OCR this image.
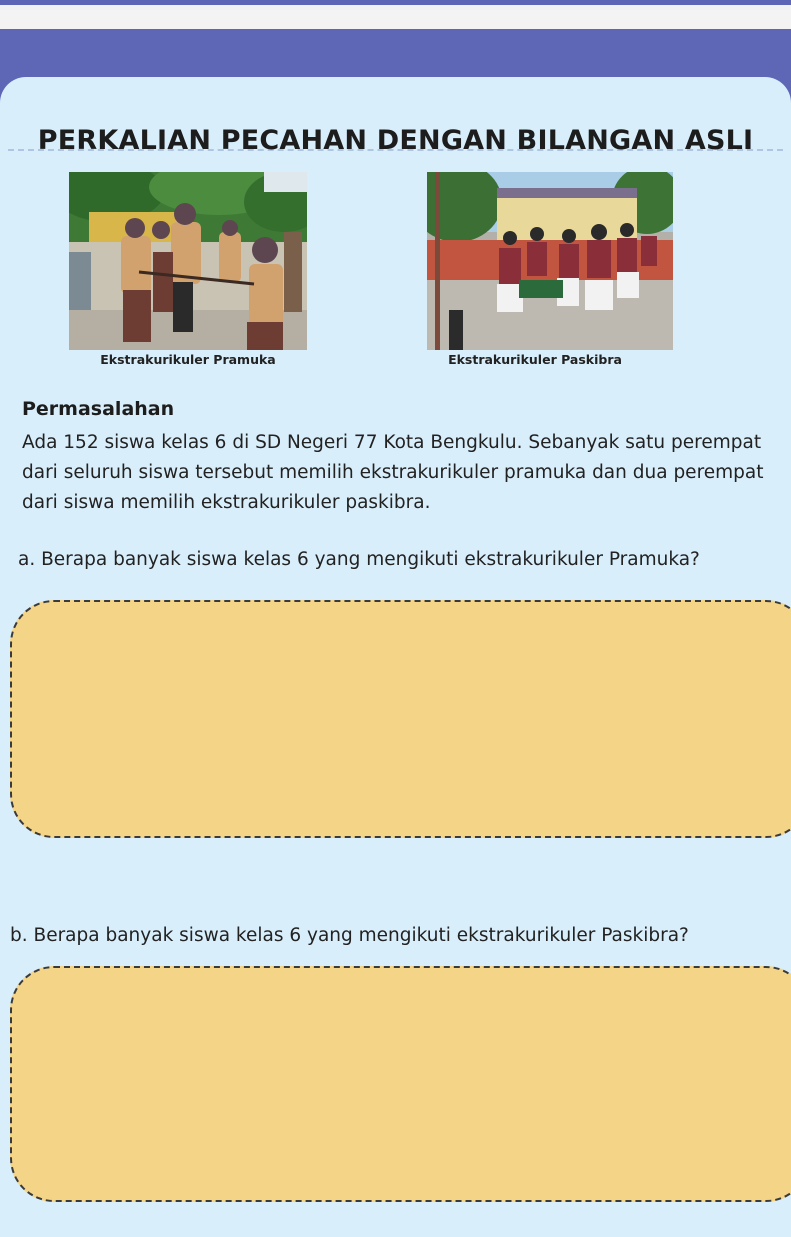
PERKALIAN PECAHAN DENGAN BILANGAN ASLI
Ekstrakurikuler Pramuka	Ekstrakurikuler Paskibra
Permasalahan
Ada 152 siswa kelas 6 di SD Negeri 77 Kota Bengkulu. Sebanyak satu perempat dari seluruh siswa tersebut memilih ekstrakurikuler pramuka dan dua perempat dari siswa memilih ekstrakurikuler paskibra.
a. Berapa banyak siswa kelas 6 yang mengikuti ekstrakurikuler Pramuka?
b. Berapa banyak siswa kelas 6 yang mengikuti ekstrakurikuler Paskibra?
